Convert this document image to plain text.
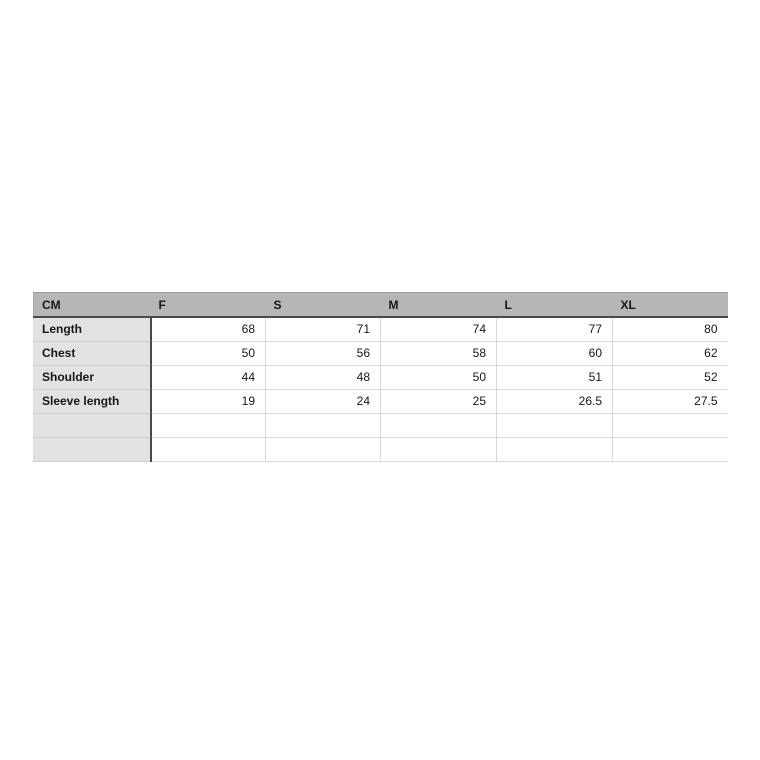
CM	F	S	M	L	XL
Length	68	71	74	77	80
Chest	50	56	58	60	62
Shoulder	44	48	50	51	52
Sleeve length	19	24	25	26.5	27.5
